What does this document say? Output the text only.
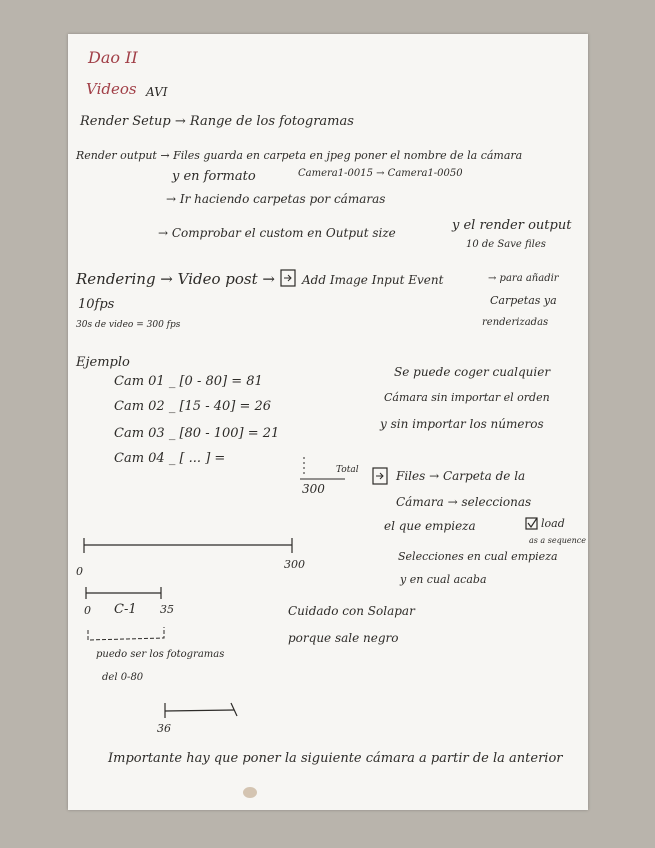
Dao II
Videos AVI
Render Setup → Range de los fotogramas
Render output → Files guarda en carpeta en jpeg poner el nombre de la cámara
y en formato	Camera1-0015 → Camera1-0050
→ Ir haciendo carpetas por cámaras
→ Comprobar el custom en Output size	y el render output
10 de Save files
Rendering → Video post → Add Image Input Event	→ para añadir
Carpetas ya
renderizadas
10fps
30s de video = 300 fps
Ejemplo
Cam 01 _ [0 - 80] = 81
Cam 02 _ [15 - 40] = 26
Cam 03 _ [80 - 100] = 21
Cam 04 _ [ ... ] =
300
Total
Se puede coger cualquier
Cámara sin importar el orden
y sin importar los números
Files → Carpeta de la
Cámara → seleccionas
el que empieza	load
as a sequence
Selecciones en cual empieza
y en cual acaba
0
300
0 C-1 35
puedo ser los fotogramas
del 0-80
36
Cuidado con Solapar
porque sale negro
Importante hay que poner la siguiente cámara a partir de la anterior
